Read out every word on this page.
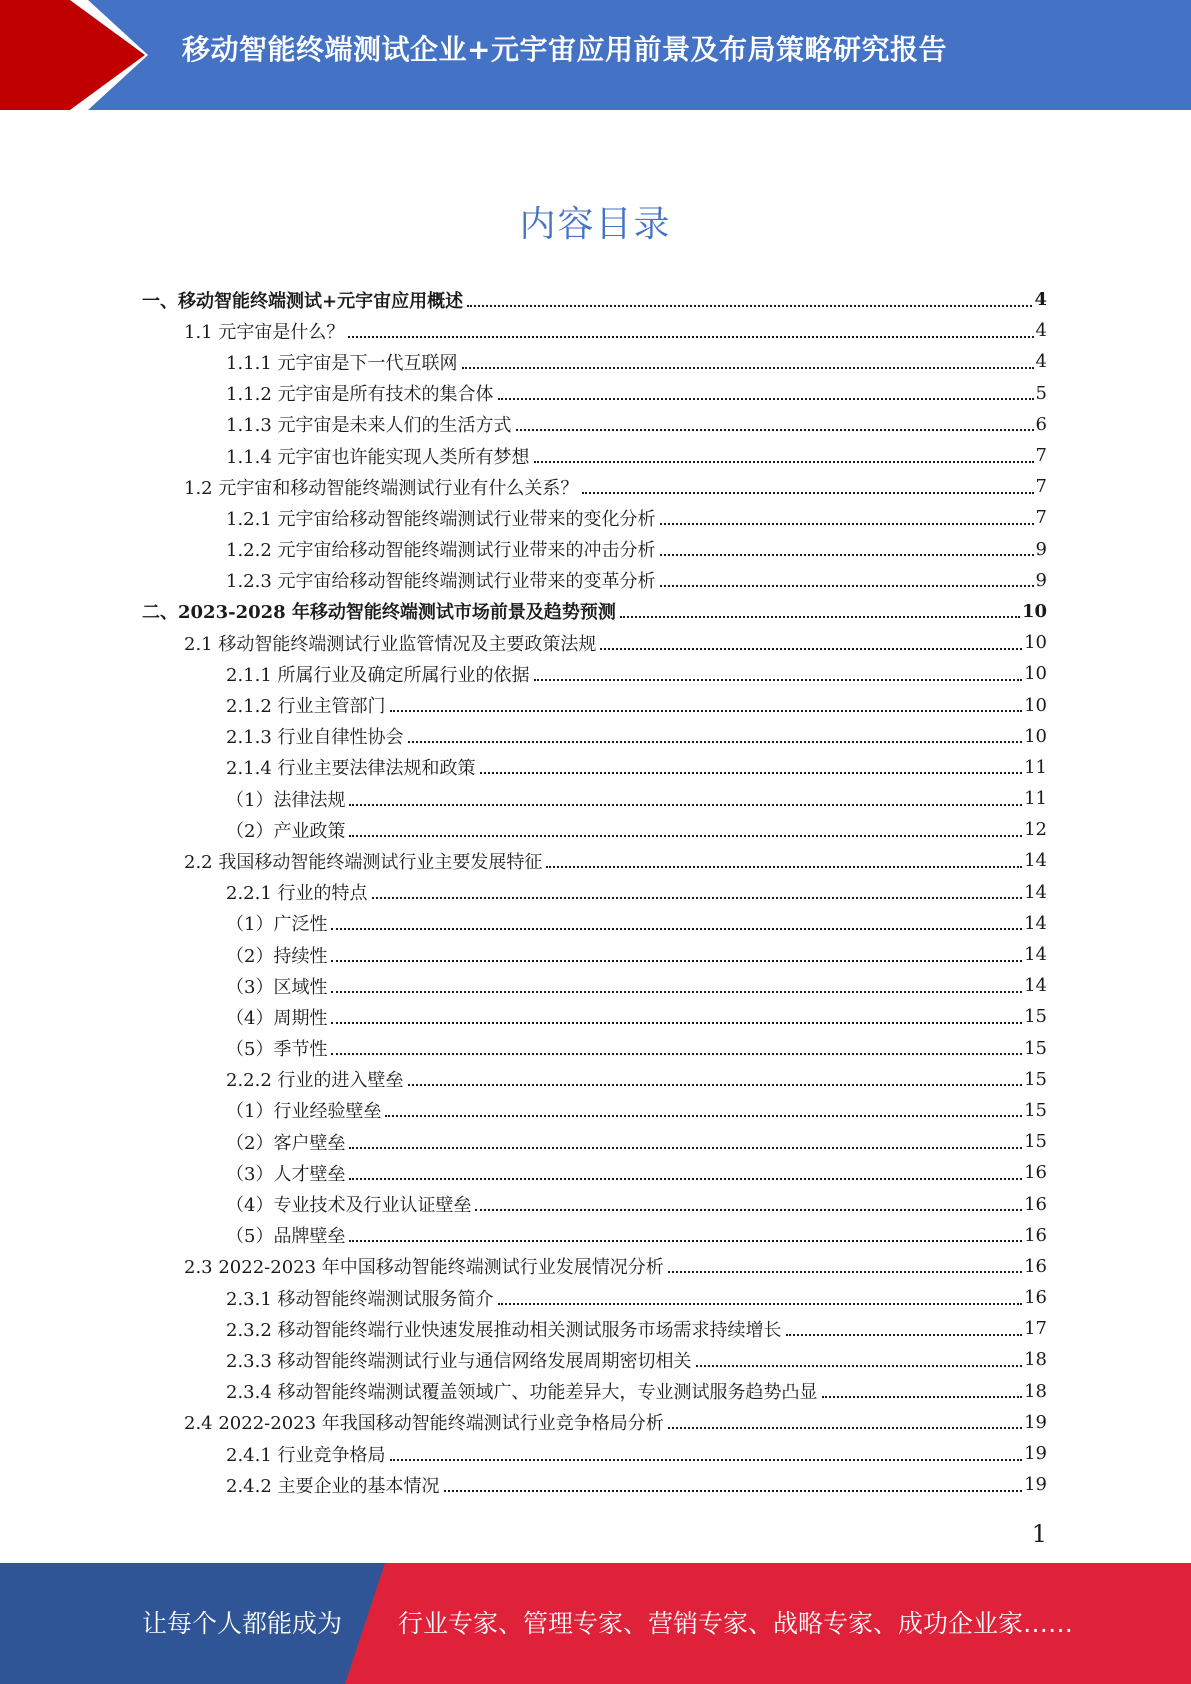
移动智能终端测试企业+元宇宙应用前景及布局策略研究报告
内容目录
一、移动智能终端测试+元宇宙应用概述	4
1.1 元宇宙是什么？	4
1.1.1 元宇宙是下一代互联网	4
1.1.2 元宇宙是所有技术的集合体	5
1.1.3 元宇宙是未来人们的生活方式	6
1.1.4 元宇宙也许能实现人类所有梦想	7
1.2 元宇宙和移动智能终端测试行业有什么关系？	7
1.2.1 元宇宙给移动智能终端测试行业带来的变化分析	7
1.2.2 元宇宙给移动智能终端测试行业带来的冲击分析	9
1.2.3 元宇宙给移动智能终端测试行业带来的变革分析	9
二、2023-2028 年移动智能终端测试市场前景及趋势预测	10
2.1 移动智能终端测试行业监管情况及主要政策法规	10
2.1.1 所属行业及确定所属行业的依据	10
2.1.2 行业主管部门	10
2.1.3 行业自律性协会	10
2.1.4 行业主要法律法规和政策	11
（1）法律法规	11
（2）产业政策	12
2.2 我国移动智能终端测试行业主要发展特征	14
2.2.1 行业的特点	14
（1）广泛性	14
（2）持续性	14
（3）区域性	14
（4）周期性	15
（5）季节性	15
2.2.2 行业的进入壁垒	15
（1）行业经验壁垒	15
（2）客户壁垒	15
（3）人才壁垒	16
（4）专业技术及行业认证壁垒	16
（5）品牌壁垒	16
2.3 2022-2023 年中国移动智能终端测试行业发展情况分析	16
2.3.1 移动智能终端测试服务简介	16
2.3.2 移动智能终端行业快速发展推动相关测试服务市场需求持续增长	17
2.3.3 移动智能终端测试行业与通信网络发展周期密切相关	18
2.3.4 移动智能终端测试覆盖领域广、功能差异大，专业测试服务趋势凸显	18
2.4 2022-2023 年我国移动智能终端测试行业竞争格局分析	19
2.4.1 行业竞争格局	19
2.4.2 主要企业的基本情况	19
1
让每个人都能成为 行业专家、管理专家、营销专家、战略专家、成功企业家……
